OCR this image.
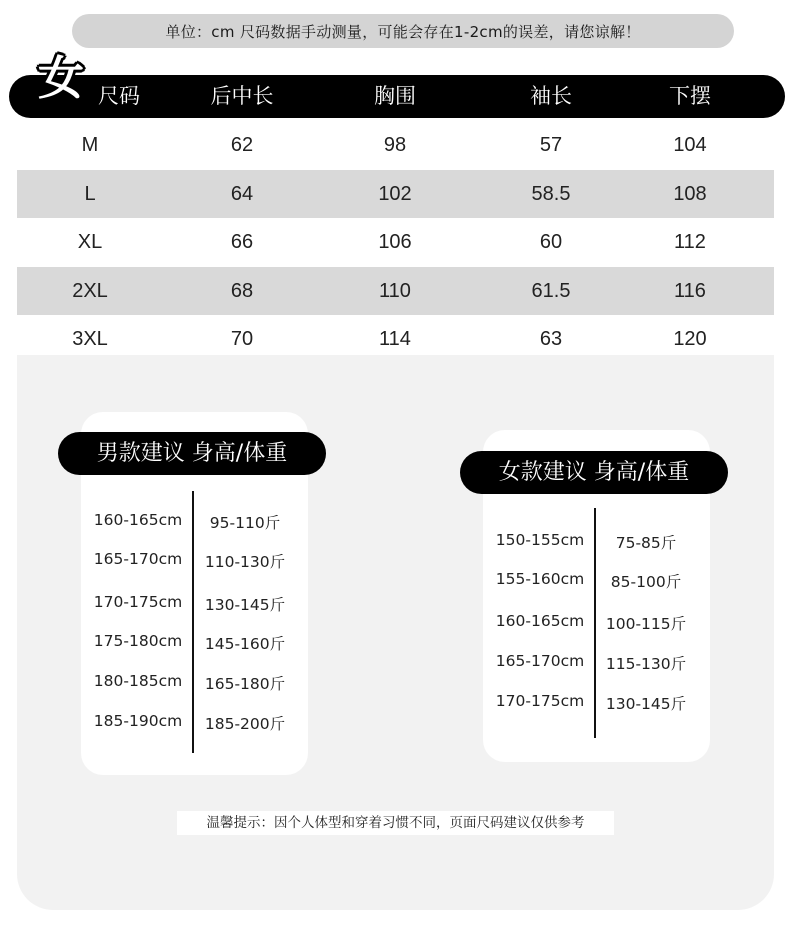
单位：cm 尺码数据手动测量，可能会存在1-2cm的误差，请您谅解！
尺码	后中长	胸围	袖长	下摆
女
M	62	98	57	104
L	64	102	58.5	108
XL	66	106	60	112
2XL	68	110	61.5	116
3XL	70	114	63	120
男款建议 身高/体重
160-165cm 95-110斤
165-170cm 110-130斤
170-175cm 130-145斤
175-180cm 145-160斤
180-185cm 165-180斤
185-190cm 185-200斤
女款建议 身高/体重
150-155cm 75-85斤
155-160cm 85-100斤
160-165cm 100-115斤
165-170cm 115-130斤
170-175cm 130-145斤
温馨提示：因个人体型和穿着习惯不同，页面尺码建议仅供参考
